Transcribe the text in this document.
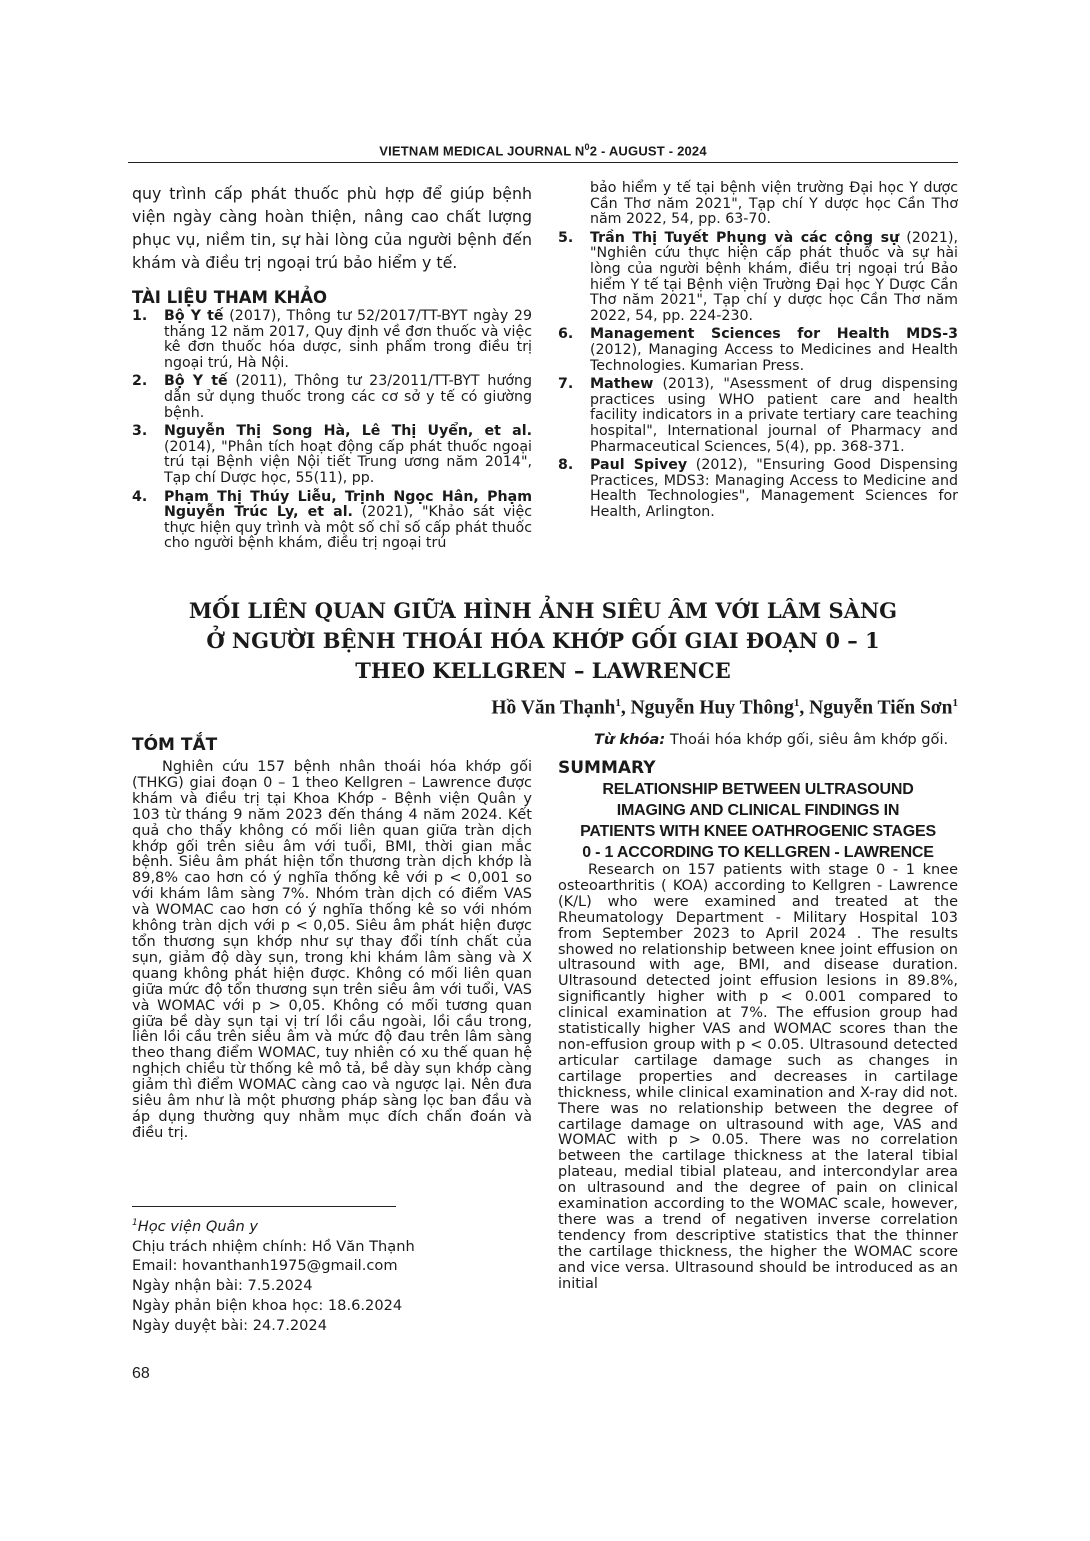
VIETNAM MEDICAL JOURNAL $N^02$ - AUGUST - 2024

quy trình cấp phát thuốc phù hợp để giúp bệnh viện ngày càng hoàn thiện, nâng cao chất lượng phục vụ, niềm tin, sự hài lòng của người bệnh đến khám và điều trị ngoại trú bảo hiểm y tế.

TÀI LIỆU THAM KHẢO

1. Bộ Y tế (2017), Thông tư 52/2017/TT-BYT ngày 29 tháng 12 năm 2017, Quy định về đơn thuốc và việc kê đơn thuốc hóa dược, sinh phẩm trong điều trị ngoại trú, Hà Nội.
2. Bộ Y tế (2011), Thông tư 23/2011/TT-BYT hướng dẫn sử dụng thuốc trong các cơ sở y tế có giường bệnh.
3. Nguyễn Thị Song Hà, Lê Thị Uyển, et al. (2014), "Phân tích hoạt động cấp phát thuốc ngoại trú tại Bệnh viện Nội tiết Trung ương năm 2014", Tạp chí Dược học, 55(11), pp.
4. Phạm Thị Thúy Liễu, Trịnh Ngọc Hân, Phạm Nguyễn Trúc Ly, et al. (2021), "Khảo sát việc thực hiện quy trình và một số chỉ số cấp phát thuốc cho người bệnh khám, điều trị ngoại trú
bảo hiểm y tế tại bệnh viện trường Đại học Y dược Cần Thơ năm 2021", Tạp chí Y dược học Cần Thơ năm 2022, 54, pp. 63-70.
5. Trần Thị Tuyết Phụng và các cộng sự (2021), "Nghiên cứu thực hiện cấp phát thuốc và sự hài lòng của người bệnh khám, điều trị ngoại trú Bảo hiểm Y tế tại Bệnh viện Trường Đại học Y Dược Cần Thơ năm 2021", Tạp chí y dược học Cần Thơ năm 2022, 54, pp. 224-230.
6. Management Sciences for Health MDS-3 (2012), Managing Access to Medicines and Health Technologies. Kumarian Press.
7. Mathew (2013), "Asessment of drug dispensing practices using WHO patient care and health facility indicators in a private tertiary care teaching hospital", International journal of Pharmacy and Pharmaceutical Sciences, 5(4), pp. 368-371.
8. Paul Spivey (2012), "Ensuring Good Dispensing Practices, MDS3: Managing Access to Medicine and Health Technologies", Management Sciences for Health, Arlington.
MỐI LIÊN QUAN GIỮA HÌNH ẢNH SIÊU ÂM VỚI LÂM SÀNG
Ở NGƯỜI BỆNH THOÁI HÓA KHỚP GỐI GIAI ĐOẠN 0 – 1
THEO KELLGREN – LAWRENCE
Hồ Văn Thạnh$^1$, Nguyễn Huy Thông$^1$, Nguyễn Tiến Sơn$^1$

TÓM TẮT

Nghiên cứu 157 bệnh nhân thoái hóa khớp gối (THKG) giai đoạn 0 – 1 theo Kellgren – Lawrence được khám và điều trị tại Khoa Khớp - Bệnh viện Quân y 103 từ tháng 9 năm 2023 đến tháng 4 năm 2024. Kết quả cho thấy không có mối liên quan giữa tràn dịch khớp gối trên siêu âm với tuổi, BMI, thời gian mắc bệnh. Siêu âm phát hiện tổn thương tràn dịch khớp là 89,8% cao hơn có ý nghĩa thống kê với p < 0,001 so với khám lâm sàng 7%. Nhóm tràn dịch có điểm VAS và WOMAC cao hơn có ý nghĩa thống kê so với nhóm không tràn dịch với p < 0,05. Siêu âm phát hiện được tổn thương sụn khớp như sự thay đổi tính chất của sụn, giảm độ dày sụn, trong khi khám lâm sàng và X quang không phát hiện được. Không có mối liên quan giữa mức độ tổn thương sụn trên siêu âm với tuổi, VAS và WOMAC với p > 0,05. Không có mối tương quan giữa bề dày sụn tại vị trí lồi cầu ngoài, lồi cầu trong, liên lồi cầu trên siêu âm và mức độ đau trên lâm sàng theo thang điểm WOMAC, tuy nhiên có xu thế quan hệ nghịch chiều từ thống kê mô tả, bề dày sụn khớp càng giảm thì điểm WOMAC càng cao và ngược lại. Nên đưa siêu âm như là một phương pháp sàng lọc ban đầu và áp dụng thường quy nhằm mục đích chẩn đoán và điều trị.

Từ khóa: Thoái hóa khớp gối, siêu âm khớp gối.

SUMMARY

RELATIONSHIP BETWEEN ULTRASOUND

IMAGING AND CLINICAL FINDINGS IN

PATIENTS WITH KNEE OATHROGENIC STAGES

0 - 1 ACCORDING TO KELLGREN - LAWRENCE

Research on 157 patients with stage 0 - 1 knee osteoarthritis ( KOA) according to Kellgren - Lawrence (K/L) who were examined and treated at the Rheumatology Department - Military Hospital 103 from September 2023 to April 2024 . The results showed no relationship between knee joint effusion on ultrasound with age, BMI, and disease duration. Ultrasound detected joint effusion lesions in 89.8%, significantly higher with p < 0.001 compared to clinical examination at 7%. The effusion group had statistically higher VAS and WOMAC scores than the non-effusion group with p < 0.05. Ultrasound detected articular cartilage damage such as changes in cartilage properties and decreases in cartilage thickness, while clinical examination and X-ray did not. There was no relationship between the degree of cartilage damage on ultrasound with age, VAS and WOMAC with p > 0.05. There was no correlation between the cartilage thickness at the lateral tibial plateau, medial tibial plateau, and intercondylar area on ultrasound and the degree of pain on clinical examination according to the WOMAC scale, however, there was a trend of negativen inverse correlation tendency from descriptive statistics that the thinner the cartilage thickness, the higher the WOMAC score and vice versa. Ultrasound should be introduced as an initial

$^1$Học viện Quân y
Chịu trách nhiệm chính: Hồ Văn Thạnh
Email: hovanthanh1975@gmail.com
Ngày nhận bài: 7.5.2024
Ngày phản biện khoa học: 18.6.2024
Ngày duyệt bài: 24.7.2024
68
